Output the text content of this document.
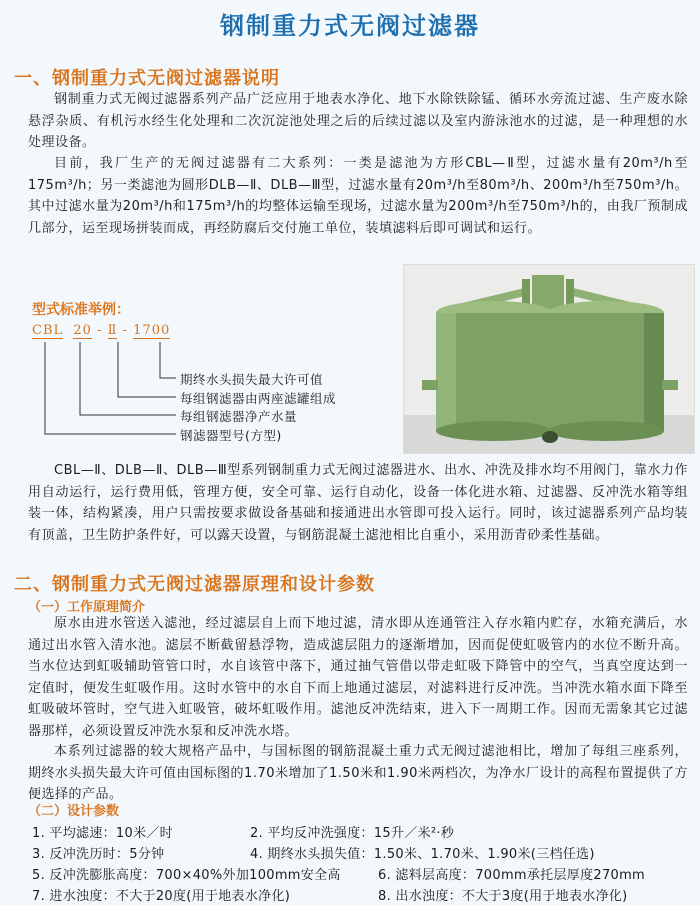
钢制重力式无阀过滤器
一、钢制重力式无阀过滤器说明

钢制重力式无阀过滤器系列产品广泛应用于地表水净化、地下水除铁除锰、循环水旁流过滤、生产废水除悬浮杂质、有机污水经生化处理和二次沉淀池处理之后的后续过滤以及室内游泳池水的过滤，是一种理想的水处理设备。

目前，我厂生产的无阀过滤器有二大系列：一类是滤池为方形CBL—Ⅱ型，过滤水量有20m³/h至175m³/h；另一类滤池为圆形DLB—Ⅱ、DLB—Ⅲ型，过滤水量有20m³/h至80m³/h、200m³/h至750m³/h。其中过滤水量为20m³/h和175m³/h的均整体运输至现场，过滤水量为200m³/h至750m³/h的，由我厂预制成几部分，运至现场拼装而成，再经防腐后交付施工单位，装填滤料后即可调试和运行。

型式标准举例：
CBL 20 - Ⅱ - 1700
期终水头损失最大许可值
每组钢滤器由两座滤罐组成
每组钢滤器净产水量
钢滤器型号(方型)

CBL—Ⅱ、DLB—Ⅱ、DLB—Ⅲ型系列钢制重力式无阀过滤器进水、出水、冲洗及排水均不用阀门，靠水力作用自动运行，运行费用低，管理方便，安全可靠、运行自动化，设备一体化进水箱、过滤器、反冲洗水箱等组装一体，结构紧凑，用户只需按要求做设备基础和接通进出水管即可投入运行。同时，该过滤器系列产品均装有顶盖，卫生防护条件好，可以露天设置，与钢筋混凝土滤池相比自重小，采用沥青砂柔性基础。

二、钢制重力式无阀过滤器原理和设计参数
（一）工作原理简介

原水由进水管送入滤池，经过滤层自上而下地过滤，清水即从连通管注入存水箱内贮存，水箱充满后，水通过出水管入清水池。滤层不断截留悬浮物，造成滤层阻力的逐渐增加，因而促使虹吸管内的水位不断升高。当水位达到虹吸辅助管管口时，水自该管中落下，通过抽气管借以带走虹吸下降管中的空气，当真空度达到一定值时，便发生虹吸作用。这时水管中的水自下而上地通过滤层，对滤料进行反冲洗。当冲洗水箱水面下降至虹吸破坏管时，空气进入虹吸管，破坏虹吸作用。滤池反冲洗结束，进入下一周期工作。因而无需象其它过滤器那样，必须设置反冲洗水泵和反冲洗水塔。

本系列过滤器的较大规格产品中，与国标图的钢筋混凝土重力式无阀过滤池相比，增加了每组三座系列，期终水头损失最大许可值由国标图的1.70米增加了1.50米和1.90米两档次，为净水厂设计的高程布置提供了方便选择的产品。

（二）设计参数
1. 平均滤速：10米／时	2. 平均反冲洗强度：15升／米²·秒
3. 反冲洗历时：5分钟	4. 期终水头损失值：1.50米、1.70米、1.90米(三档任选)
5. 反冲洗膨胀高度：700×40%外加100mm安全高	6. 滤料层高度：700mm承托层厚度270mm
7. 进水浊度：不大于20度(用于地表水净化)	8. 出水浊度：不大于3度(用于地表水净化)
